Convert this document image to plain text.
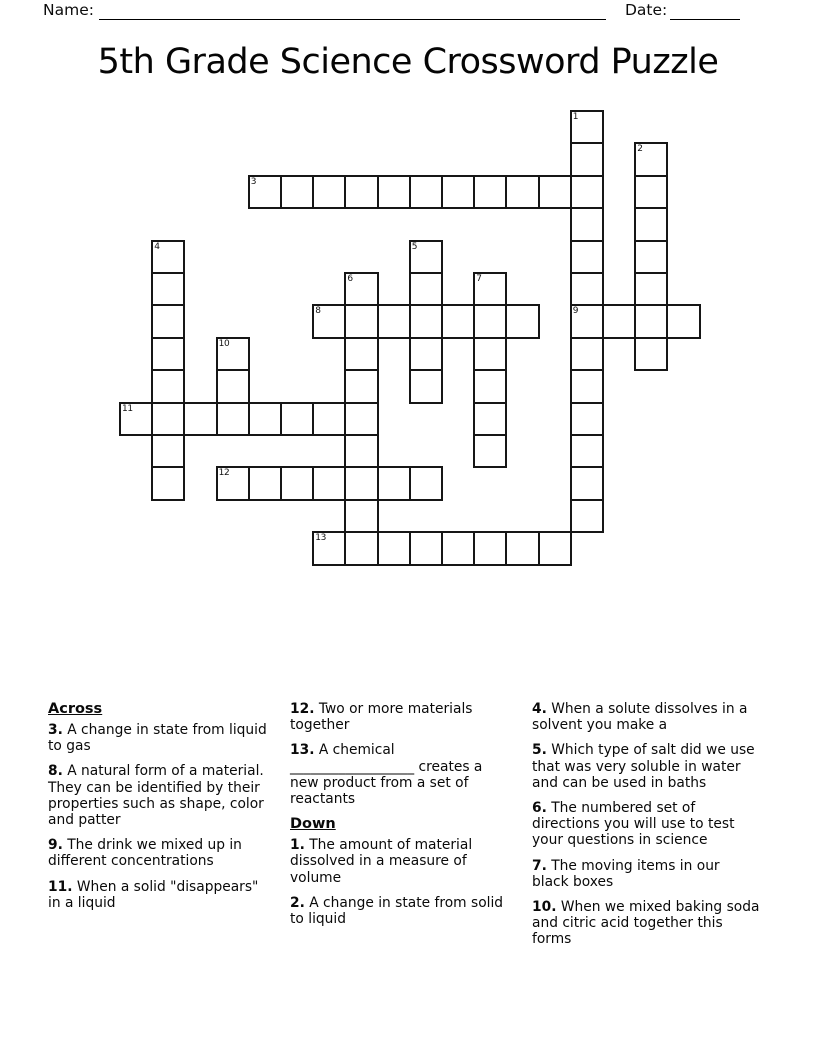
Name:	Date:
5th Grade Science Crossword Puzzle
1
9
2
3
4	5
6	7
8
10
11
12
13
Across

3. A change in state from liquid to gas

8. A natural form of a material. They can be identified by their properties such as shape, color and patter

9. The drink we mixed up in different concentrations

11. When a solid "disappears" in a liquid

12. Two or more materials together

13. A chemical __________________ creates a new product from a set of reactants

Down

1. The amount of material dissolved in a measure of volume

2. A change in state from solid to liquid

4. When a solute dissolves in a solvent you make a

5. Which type of salt did we use that was very soluble in water and can be used in baths

6. The numbered set of directions you will use to test your questions in science

7. The moving items in our black boxes

10. When we mixed baking soda and citric acid together this forms
